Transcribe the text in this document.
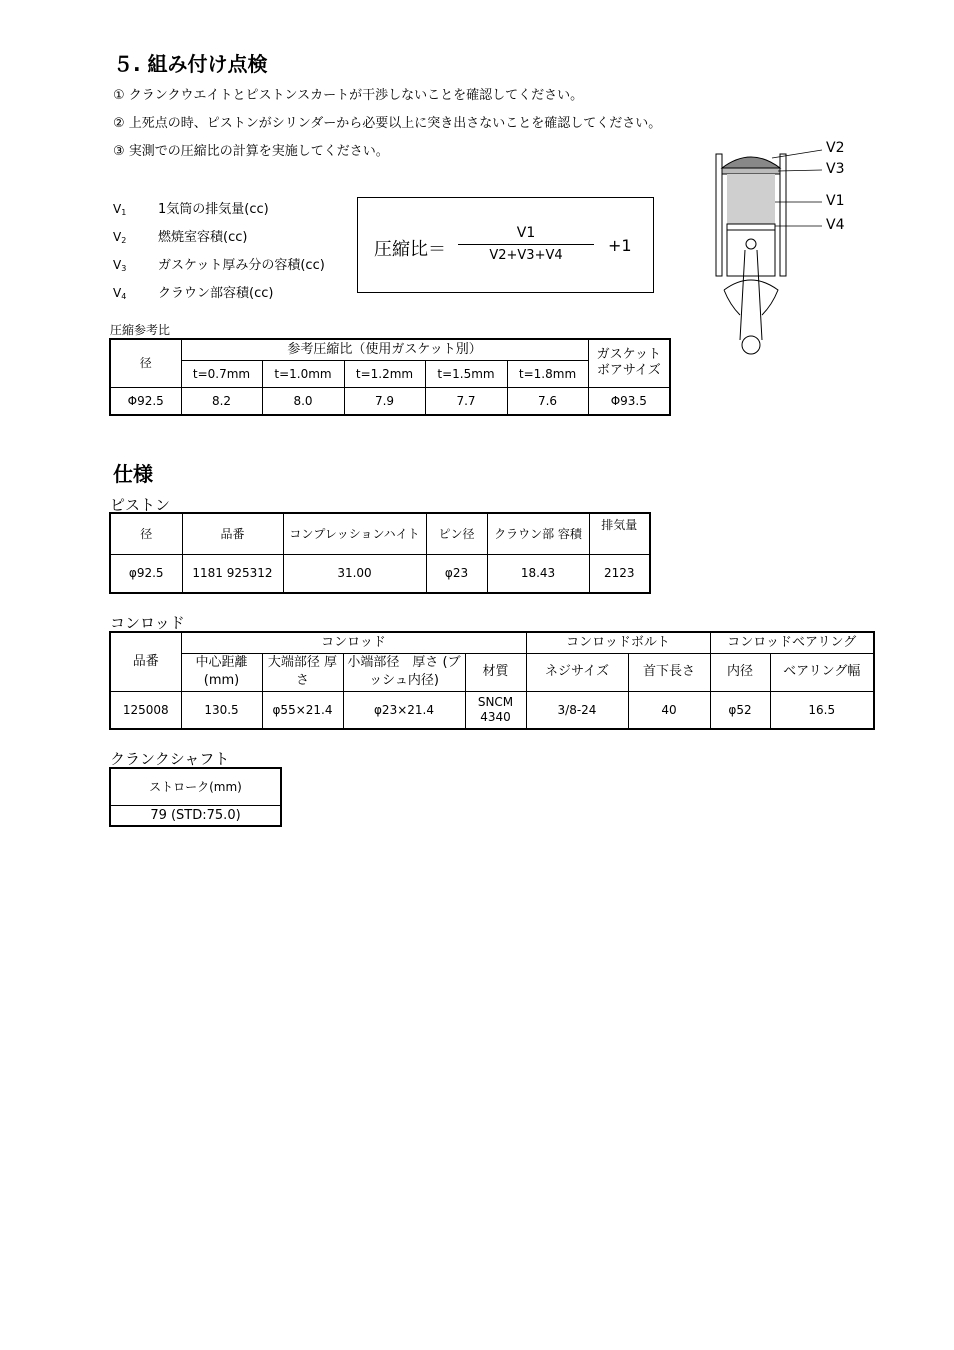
５. 組み付け点検
① クランクウエイトとピストンスカートが干渉しないことを確認してください。
② 上死点の時、ピストンがシリンダーから必要以上に突き出さないことを確認してください。
③ 実測での圧縮比の計算を実施してください。
V1 1気筒の排気量(cc)
V2 燃焼室容積(cc)
V3 ガスケット厚み分の容積(cc)
V4 クラウン部容積(cc)
圧縮比＝
V1
V2+V3+V4
+1
V2
V3
V1
V4
圧縮参考比
径	参考圧縮比（使用ガスケット別）					ガスケット ボアサイズ
	t=0.7mm	t=1.0mm	t=1.2mm	t=1.5mm	t=1.8mm	
Φ92.5	8.2	8.0	7.9	7.7	7.6	Φ93.5
仕様
ピストン
径	品番	コンプレッションハイト	ピン径	クラウン部 容積	排気量
φ92.5	1181 925312	31.00	φ23	18.43	2123
コンロッド
品番	コンロッド				コンロッドボルト		コンロッドベアリング	
	中心距離 (mm)	大端部径 厚さ	小端部径　厚さ (ブッシュ内径)	材質	ネジサイズ	首下長さ	内径	ベアリング幅
125008	130.5	φ55×21.4	φ23×21.4	SNCM 4340	3/8-24	40	φ52	16.5
クランクシャフト
ストローク(mm)
79 (STD:75.0)
